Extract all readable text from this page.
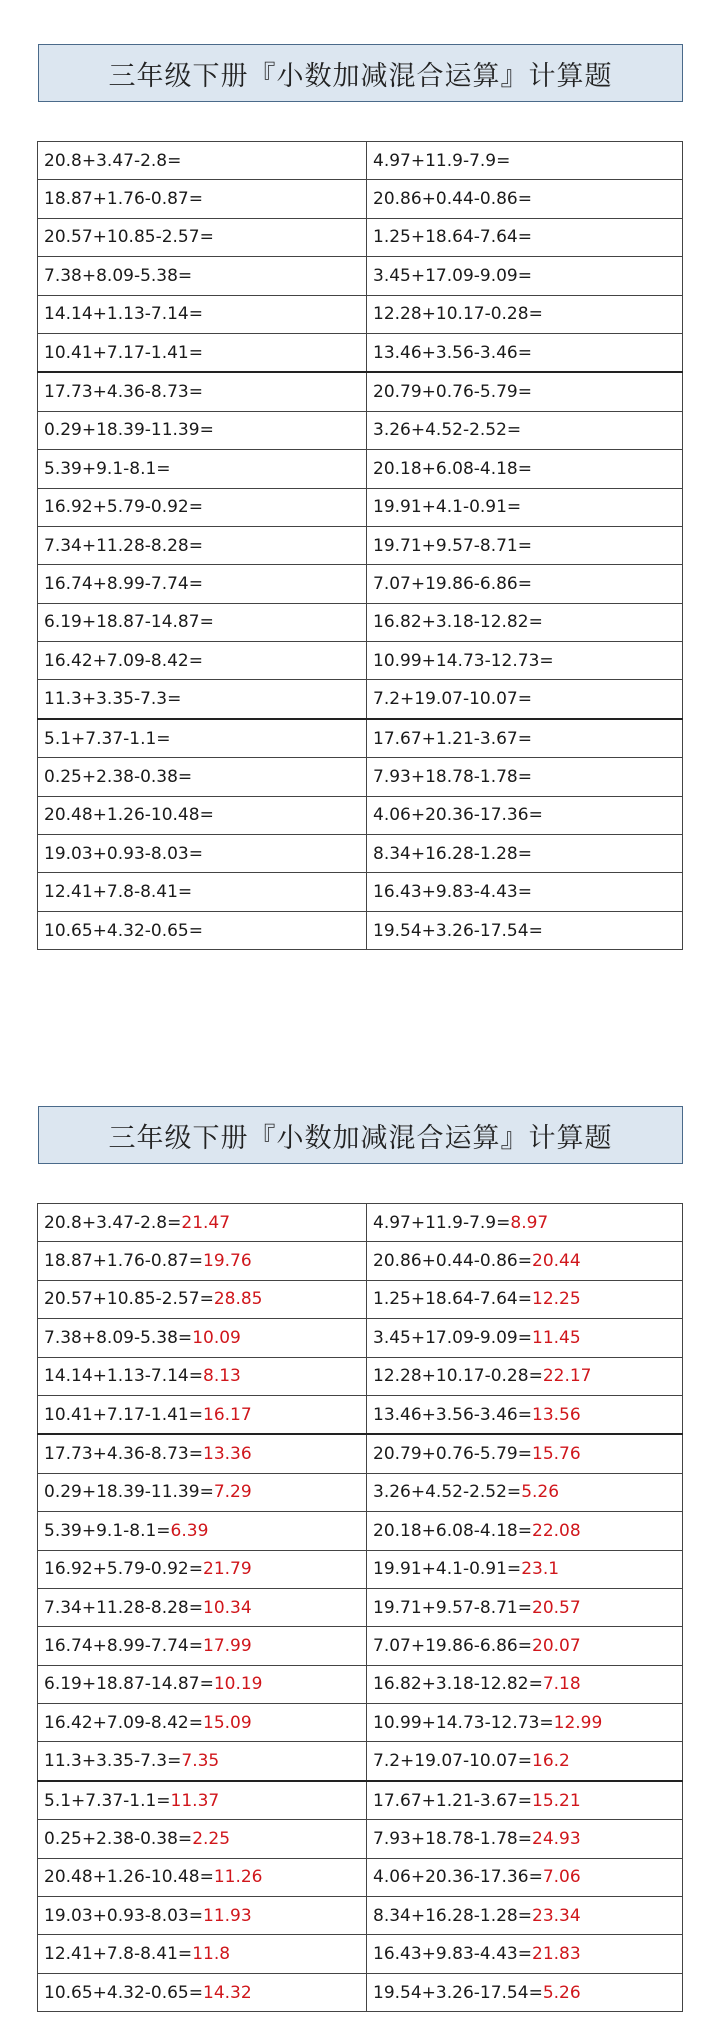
三年级下册『小数加减混合运算』计算题
20.8+3.47-2.8=	4.97+11.9-7.9=
18.87+1.76-0.87=	20.86+0.44-0.86=
20.57+10.85-2.57=	1.25+18.64-7.64=
7.38+8.09-5.38=	3.45+17.09-9.09=
14.14+1.13-7.14=	12.28+10.17-0.28=
10.41+7.17-1.41=	13.46+3.56-3.46=
17.73+4.36-8.73=	20.79+0.76-5.79=
0.29+18.39-11.39=	3.26+4.52-2.52=
5.39+9.1-8.1=	20.18+6.08-4.18=
16.92+5.79-0.92=	19.91+4.1-0.91=
7.34+11.28-8.28=	19.71+9.57-8.71=
16.74+8.99-7.74=	7.07+19.86-6.86=
6.19+18.87-14.87=	16.82+3.18-12.82=
16.42+7.09-8.42=	10.99+14.73-12.73=
11.3+3.35-7.3=	7.2+19.07-10.07=
5.1+7.37-1.1=	17.67+1.21-3.67=
0.25+2.38-0.38=	7.93+18.78-1.78=
20.48+1.26-10.48=	4.06+20.36-17.36=
19.03+0.93-8.03=	8.34+16.28-1.28=
12.41+7.8-8.41=	16.43+9.83-4.43=
10.65+4.32-0.65=	19.54+3.26-17.54=
三年级下册『小数加减混合运算』计算题
20.8+3.47-2.8=21.47	4.97+11.9-7.9=8.97
18.87+1.76-0.87=19.76	20.86+0.44-0.86=20.44
20.57+10.85-2.57=28.85	1.25+18.64-7.64=12.25
7.38+8.09-5.38=10.09	3.45+17.09-9.09=11.45
14.14+1.13-7.14=8.13	12.28+10.17-0.28=22.17
10.41+7.17-1.41=16.17	13.46+3.56-3.46=13.56
17.73+4.36-8.73=13.36	20.79+0.76-5.79=15.76
0.29+18.39-11.39=7.29	3.26+4.52-2.52=5.26
5.39+9.1-8.1=6.39	20.18+6.08-4.18=22.08
16.92+5.79-0.92=21.79	19.91+4.1-0.91=23.1
7.34+11.28-8.28=10.34	19.71+9.57-8.71=20.57
16.74+8.99-7.74=17.99	7.07+19.86-6.86=20.07
6.19+18.87-14.87=10.19	16.82+3.18-12.82=7.18
16.42+7.09-8.42=15.09	10.99+14.73-12.73=12.99
11.3+3.35-7.3=7.35	7.2+19.07-10.07=16.2
5.1+7.37-1.1=11.37	17.67+1.21-3.67=15.21
0.25+2.38-0.38=2.25	7.93+18.78-1.78=24.93
20.48+1.26-10.48=11.26	4.06+20.36-17.36=7.06
19.03+0.93-8.03=11.93	8.34+16.28-1.28=23.34
12.41+7.8-8.41=11.8	16.43+9.83-4.43=21.83
10.65+4.32-0.65=14.32	19.54+3.26-17.54=5.26
